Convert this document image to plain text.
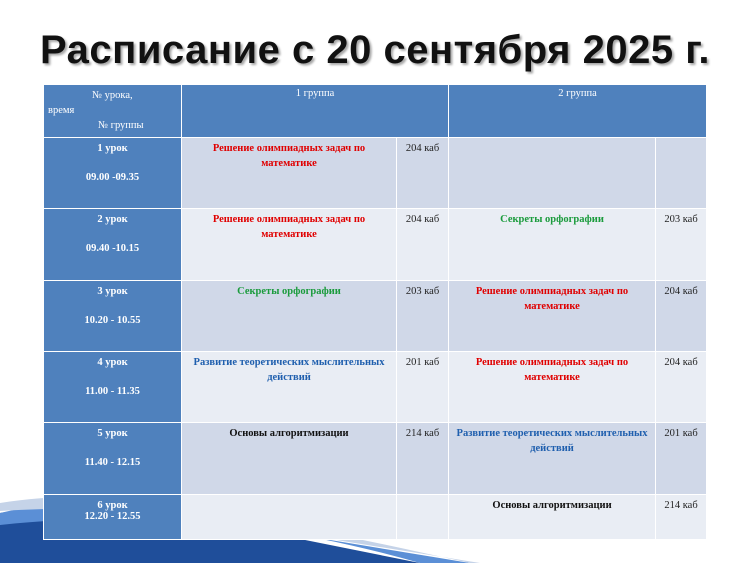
Расписание с 20 сентября 2025 г.
№ урока,
время
№ группы	1 группа		2 группа	

1 урок
09.00 -09.35	Решение олимпиадных задач по математике	204 каб		

2 урок
09.40 -10.15	Решение олимпиадных задач по математике	204 каб	Секреты орфографии	203 каб

3 урок
10.20 - 10.55	Секреты орфографии	203 каб	Решение олимпиадных задач по математике	204 каб

4 урок
11.00 - 11.35	Развитие теоретических мыслительных действий	201 каб	Решение олимпиадных задач по математике	204 каб

5 урок
11.40 - 12.15	Основы алгоритмизации	214 каб	Развитие теоретических мыслительных действий	201 каб

6 урок
12.20 - 12.55			Основы алгоритмизации	214 каб
